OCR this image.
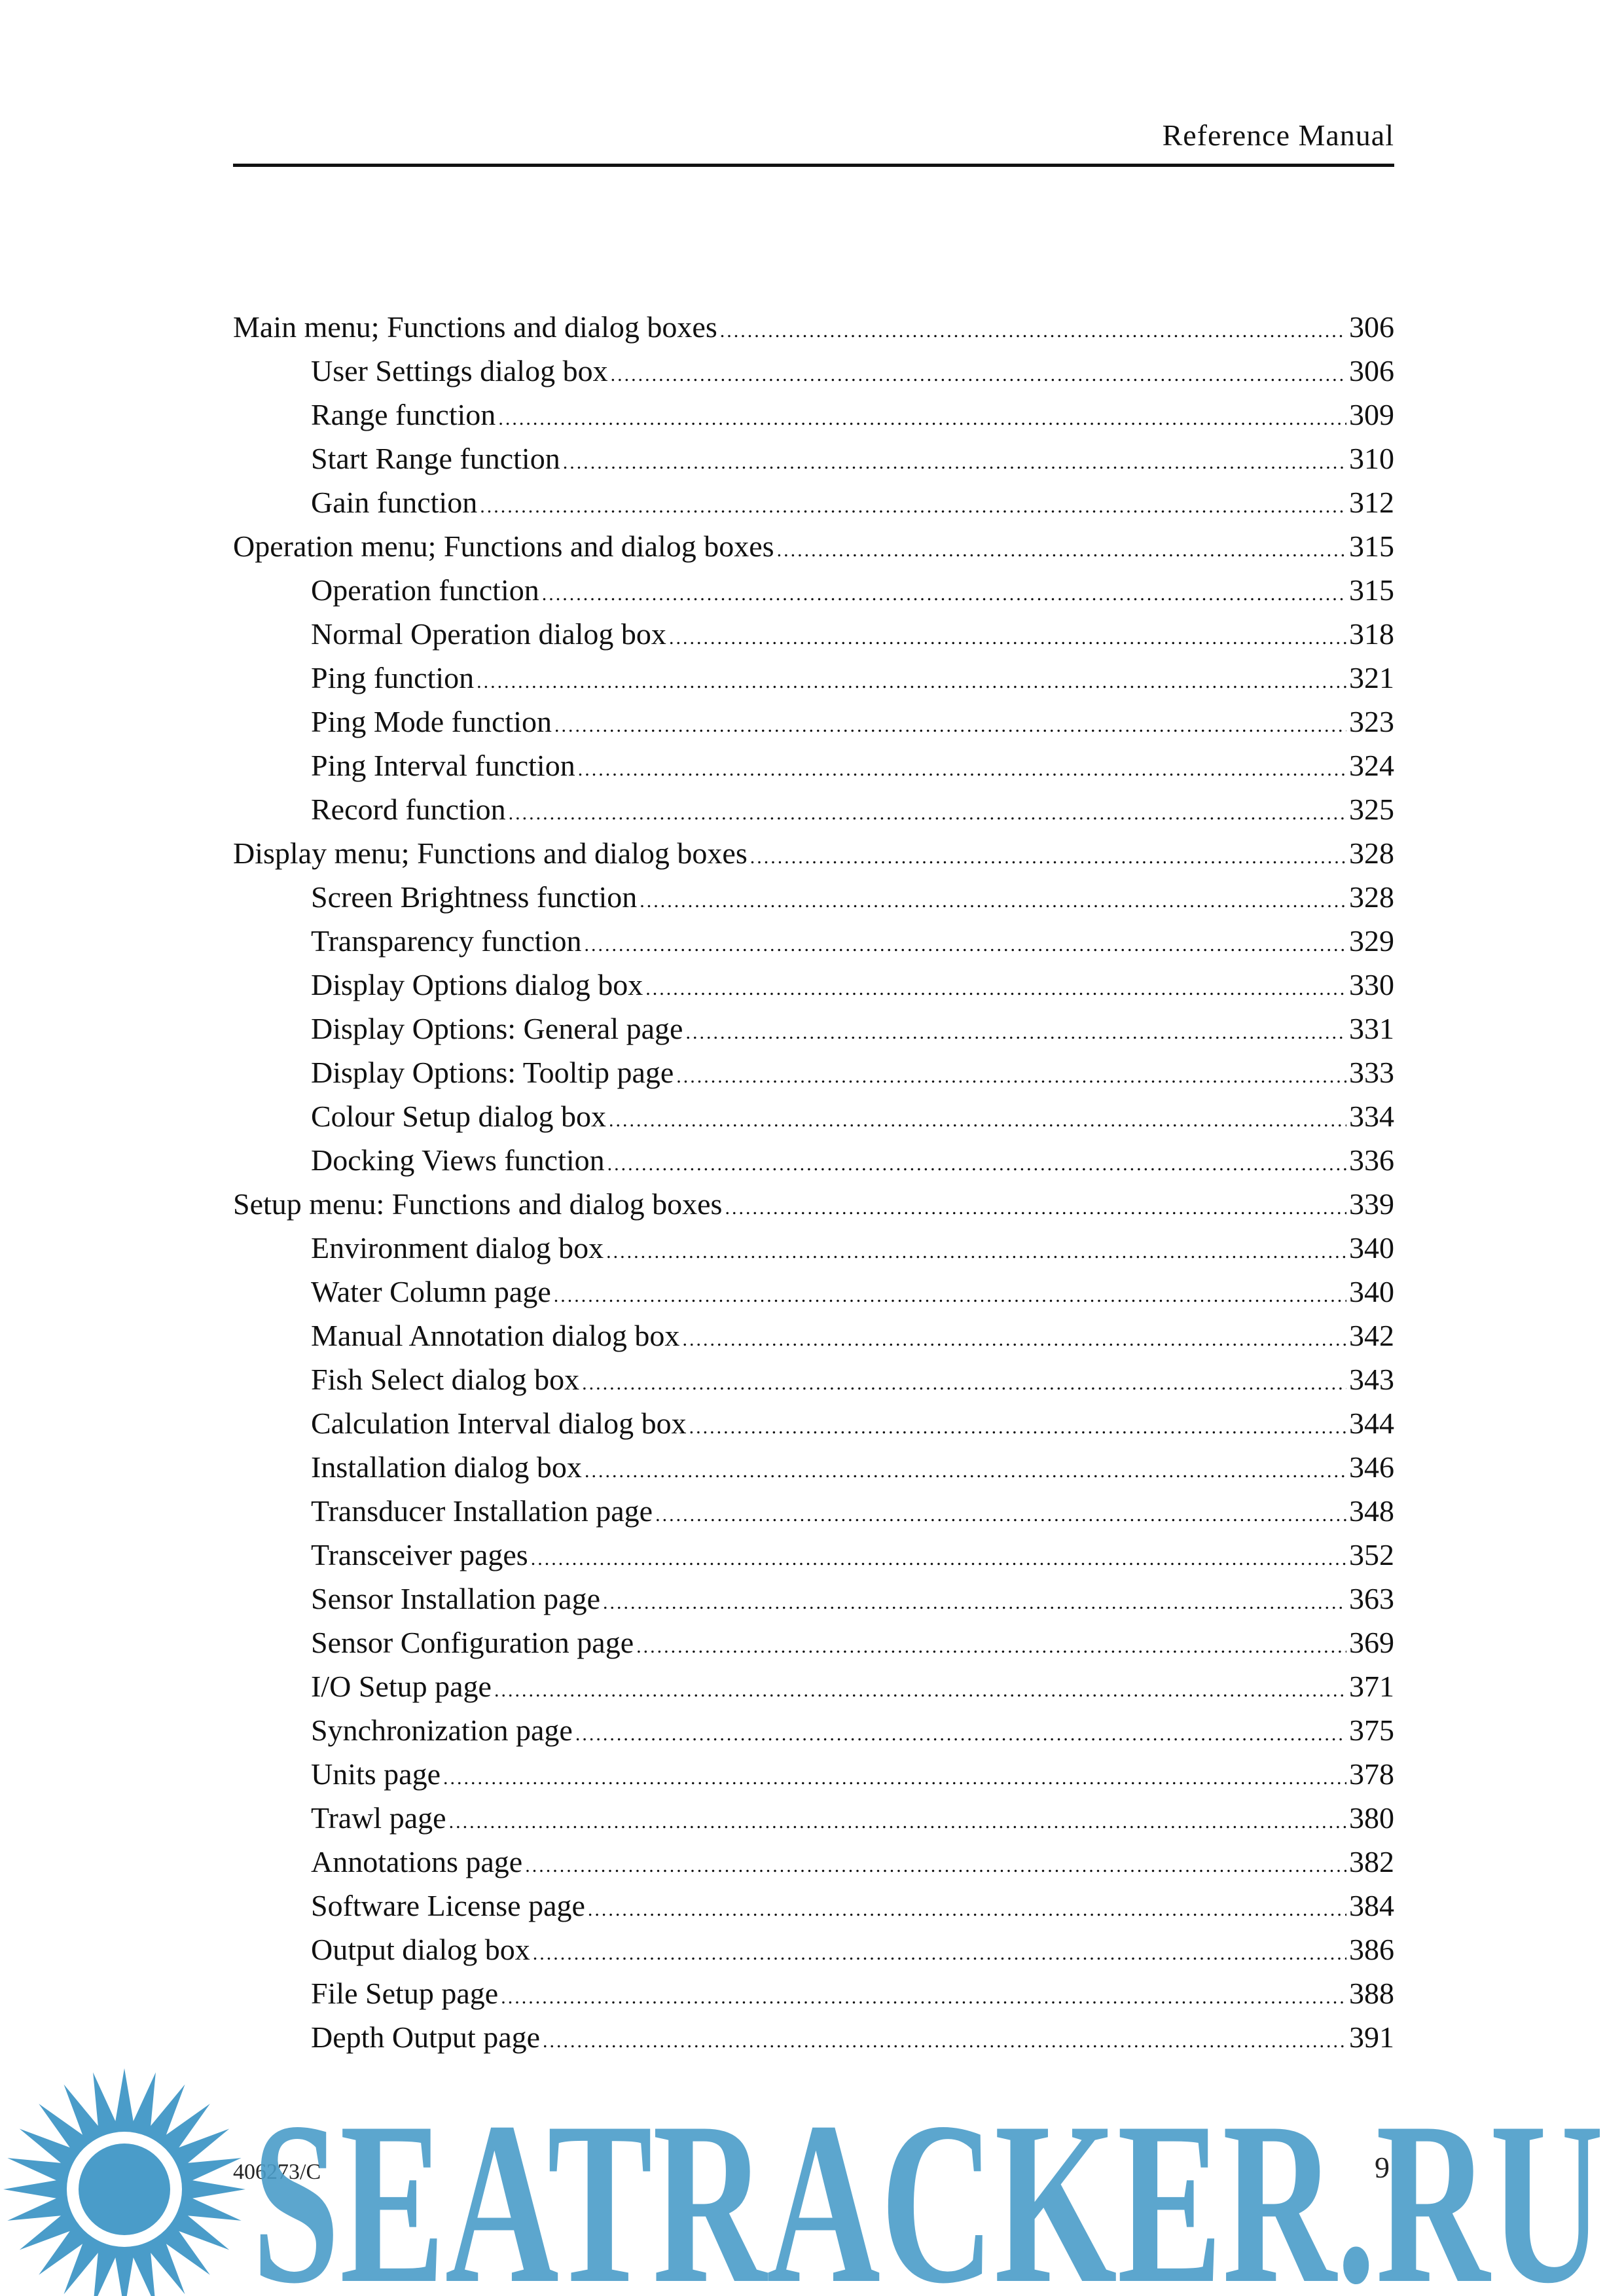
Reference Manual
Main menu; Functions and dialog boxes .....	306
User Settings dialog box .....	306
Range function .....	309
Start Range function .....	310
Gain function .....	312
Operation menu; Functions and dialog boxes .....	315
Operation function .....	315
Normal Operation dialog box .....	318
Ping function .....	321
Ping Mode function .....	323
Ping Interval function .....	324
Record function .....	325
Display menu; Functions and dialog boxes .....	328
Screen Brightness function .....	328
Transparency function .....	329
Display Options dialog box .....	330
Display Options: General page .....	331
Display Options: Tooltip page .....	333
Colour Setup dialog box .....	334
Docking Views function .....	336
Setup menu: Functions and dialog boxes .....	339
Environment dialog box .....	340
Water Column page .....	340
Manual Annotation dialog box .....	342
Fish Select dialog box .....	343
Calculation Interval dialog box .....	344
Installation dialog box .....	346
Transducer Installation page .....	348
Transceiver pages .....	352
Sensor Installation page .....	363
Sensor Configuration page .....	369
I/O Setup page .....	371
Synchronization page .....	375
Units page .....	378
Trawl page .....	380
Annotations page .....	382
Software License page .....	384
Output dialog box .....	386
File Setup page .....	388
Depth Output page .....	391
406273/C	9
SEATRACKER.RU
